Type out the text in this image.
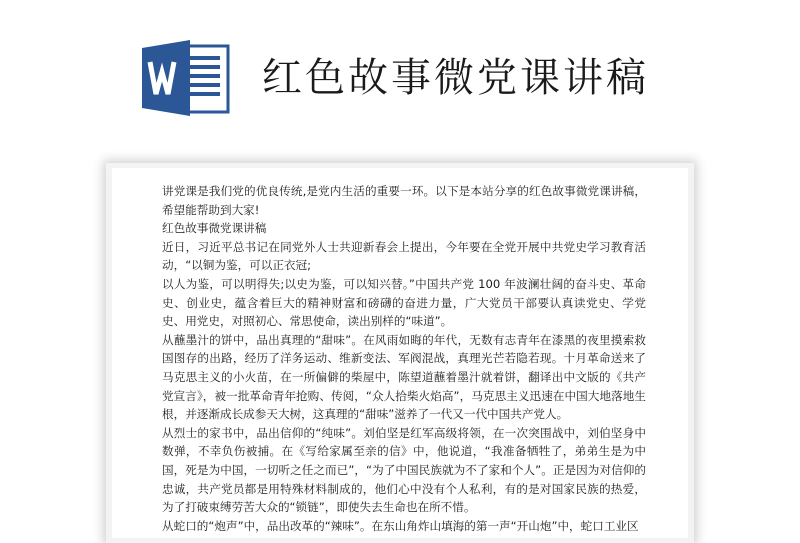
红色故事微党课讲稿

讲党课是我们党的优良传统,是党内生活的重要一环。以下是本站分享的红色故事微党课讲稿，希望能帮助到大家!

红色故事微党课讲稿

近日，习近平总书记在同党外人士共迎新春会上提出，今年要在全党开展中共党史学习教育活动，“以铜为鉴，可以正衣冠;

以人为鉴，可以明得失;以史为鉴，可以知兴替。”中国共产党 100 年波澜壮阔的奋斗史、革命史、创业史，蕴含着巨大的精神财富和磅礴的奋进力量，广大党员干部要认真读党史、学党史、用党史，对照初心、常思使命，读出别样的“味道”。

从蘸墨汁的饼中，品出真理的“甜味”。在风雨如晦的年代，无数有志青年在漆黑的夜里摸索救国图存的出路，经历了洋务运动、维新变法、军阀混战，真理光芒若隐若现。十月革命送来了马克思主义的小火苗，在一所偏僻的柴屋中，陈望道蘸着墨汁就着饼，翻译出中文版的《共产党宣言》，被一批革命青年抢购、传阅，“众人拾柴火焰高”，马克思主义迅速在中国大地落地生根，并逐渐成长成参天大树，这真理的“甜味”滋养了一代又一代中国共产党人。

从烈士的家书中，品出信仰的“纯味”。刘伯坚是红军高级将领，在一次突围战中，刘伯坚身中数弹，不幸负伤被捕。在《写给家属至亲的信》中，他说道，“我准备牺牲了，弟弟生是为中国，死是为中国，一切听之任之而已”，“为了中国民族就为不了家和个人”。正是因为对信仰的忠诚，共产党员都是用特殊材料制成的，他们心中没有个人私利，有的是对国家民族的热爱，为了打破束缚劳苦大众的“锁链”，即使失去生命也在所不惜。

从蛇口的“炮声”中，品出改革的“辣味”。在东山角炸山填海的第一声“开山炮”中，蛇口工业区
